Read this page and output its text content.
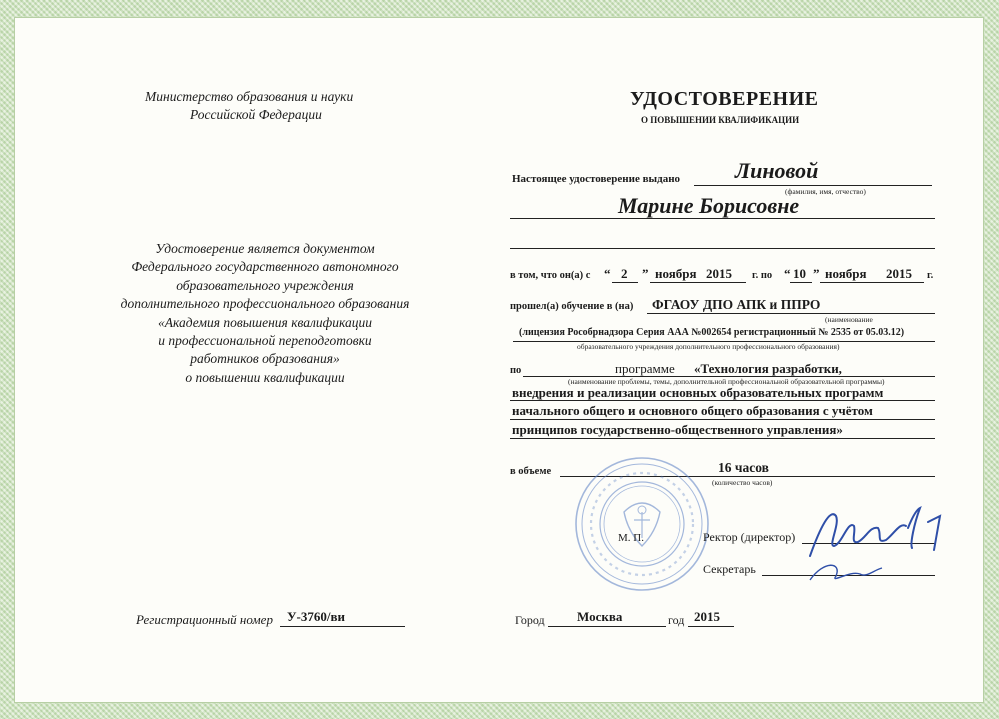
Министерство образования и науки
Российской Федерации
Удостоверение является документом
Федерального государственного автономного
образовательного учреждения
дополнительного профессионального образования
«Академия повышения квалификации
и профессиональной переподготовки
работников образования»
о повышении квалификации
Регистрационный номер У-3760/ви
УДОСТОВЕРЕНИЕ
О ПОВЫШЕНИИ КВАЛИФИКАЦИИ
Настоящее удостоверение выдано Линовой
(фамилия, имя, отчество)
Марине Борисовне
в том, что он(а) с “ 2 ” ноября 2015 г. по “ 10 ” ноября 2015 г.
прошел(а) обучение в (на) ФГАОУ ДПО АПК и ППРО
(наименование
(лицензия Рособрнадзора Серия ААА №002654 регистрационный № 2535 от 05.03.12)
образовательного учреждения дополнительного профессионального образования)
по	программе «Технология разработки,
(наименование проблемы, темы, дополнительной профессиональной образовательной программы)
внедрения и реализации основных образовательных программ
начального общего и основного общего образования с учётом
принципов государственно-общественного управления»
в объеме	16 часов
(количество часов)
М. П.	Ректор (директор)
Секретарь
Город Москва	год 2015
